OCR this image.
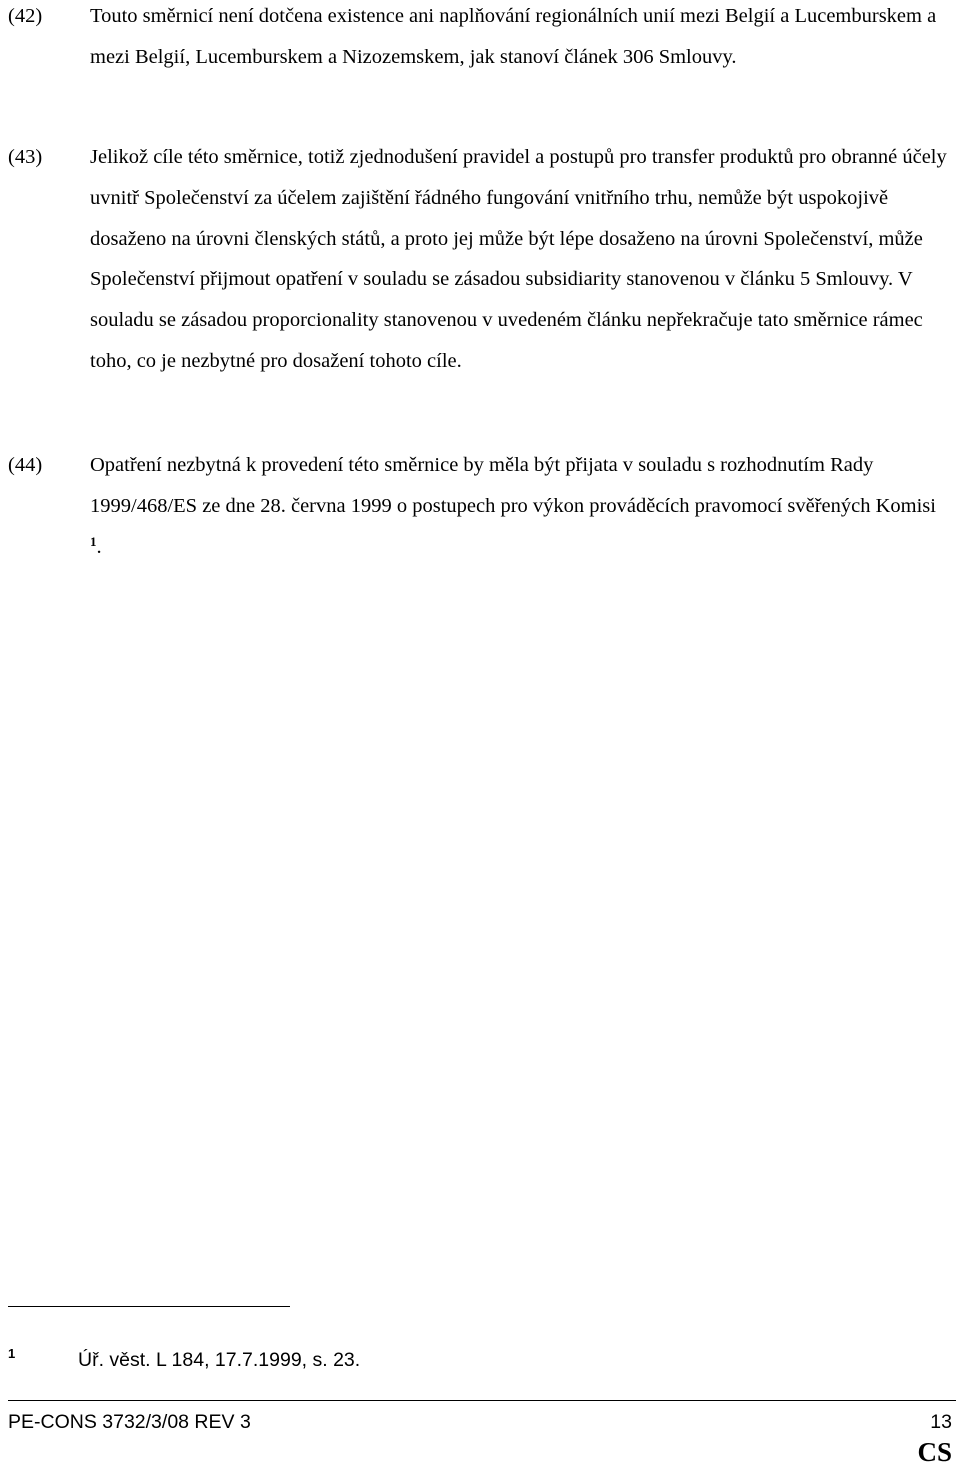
(42) Touto směrnicí není dotčena existence ani naplňování regionálních unií mezi Belgií a Lucemburskem a mezi Belgií, Lucemburskem a Nizozemskem, jak stanoví článek 306 Smlouvy.

(43) Jelikož cíle této směrnice, totiž zjednodušení pravidel a postupů pro transfer produktů pro obranné účely uvnitř Společenství za účelem zajištění řádného fungování vnitřního trhu, nemůže být uspokojivě dosaženo na úrovni členských států, a proto jej může být lépe dosaženo na úrovni Společenství, může Společenství přijmout opatření v souladu se zásadou subsidiarity stanovenou v článku 5 Smlouvy. V souladu se zásadou proporcionality stanovenou v uvedeném článku nepřekračuje tato směrnice rámec toho, co je nezbytné pro dosažení tohoto cíle.

(44) Opatření nezbytná k provedení této směrnice by měla být přijata v souladu s rozhodnutím Rady 1999/468/ES ze dne 28. června 1999 o postupech pro výkon prováděcích pravomocí svěřených Komisi $^1$.

1	Úř. věst. L 184, 17.7.1999, s. 23.
PE-CONS 3732/3/08 REV 3	13
CS
